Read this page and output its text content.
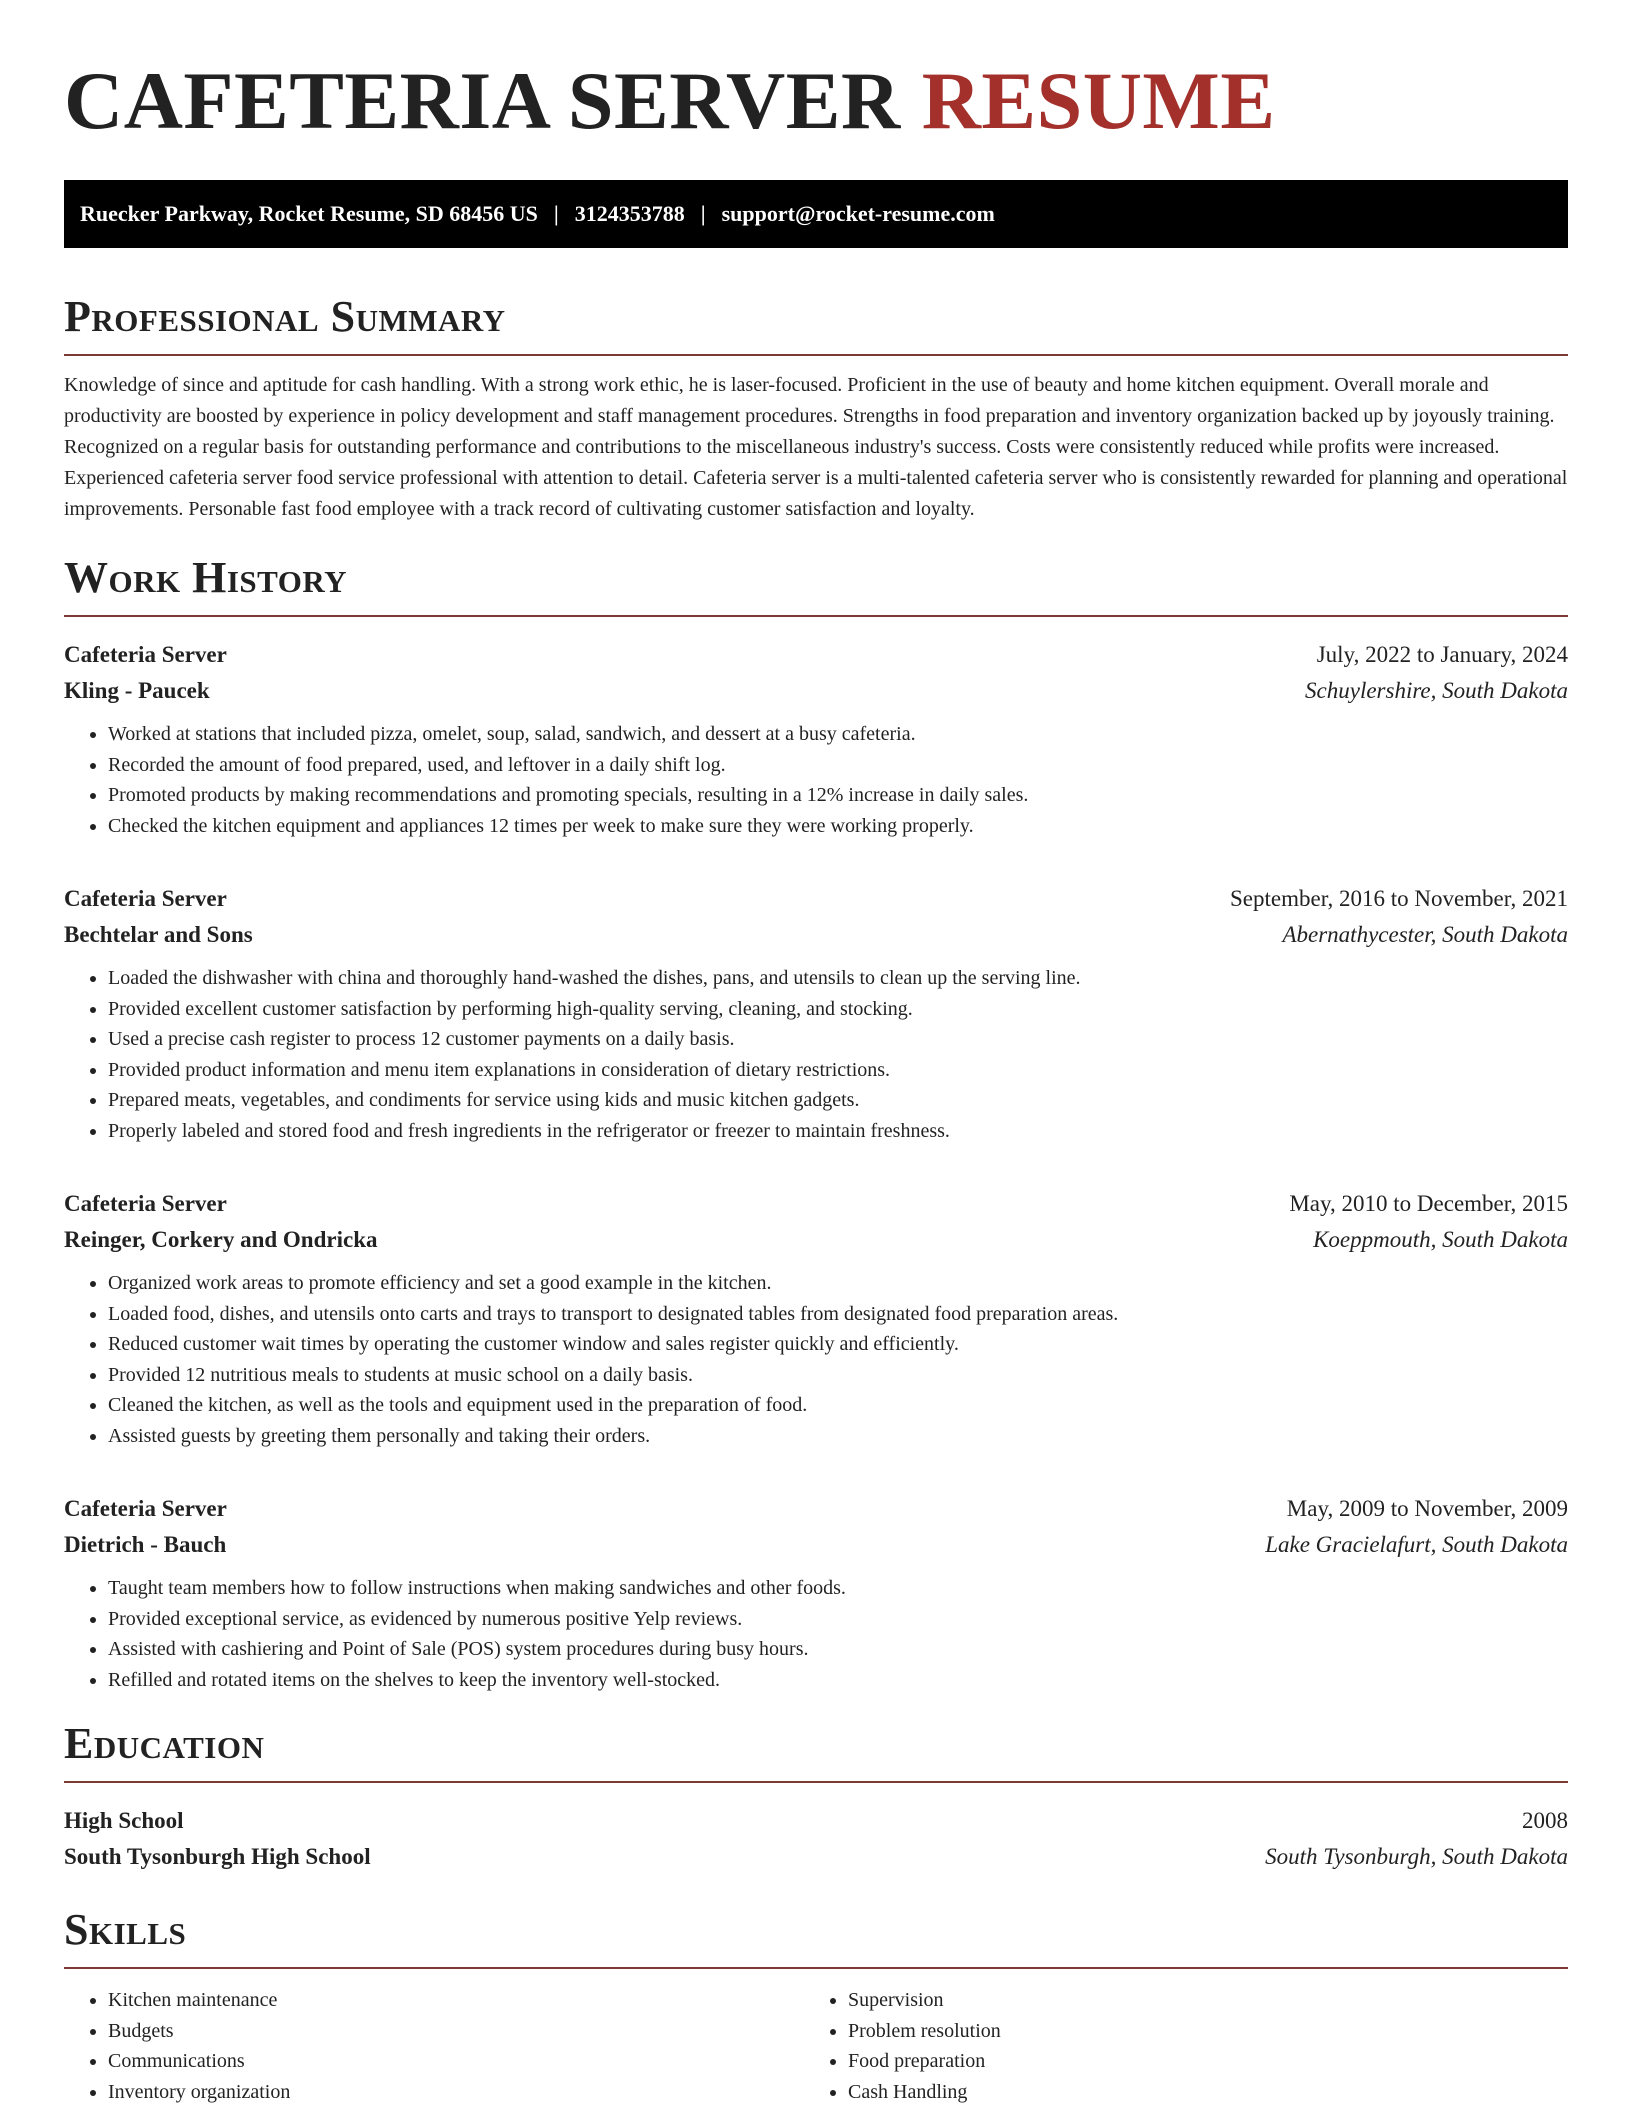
CAFETERIA SERVER RESUME
Ruecker Parkway, Rocket Resume, SD 68456 US | 3124353788 | support@rocket-resume.com
Professional Summary

Knowledge of since and aptitude for cash handling. With a strong work ethic, he is laser-focused. Proficient in the use of beauty and home kitchen equipment. Overall morale and productivity are boosted by experience in policy development and staff management procedures. Strengths in food preparation and inventory organization backed up by joyously training. Recognized on a regular basis for outstanding performance and contributions to the miscellaneous industry's success. Costs were consistently reduced while profits were increased. Experienced cafeteria server food service professional with attention to detail. Cafeteria server is a multi-talented cafeteria server who is consistently rewarded for planning and operational improvements. Personable fast food employee with a track record of cultivating customer satisfaction and loyalty.

Work History
Cafeteria Server	July, 2022 to January, 2024
Kling - Paucek	Schuylershire, South Dakota
• Worked at stations that included pizza, omelet, soup, salad, sandwich, and dessert at a busy cafeteria.
• Recorded the amount of food prepared, used, and leftover in a daily shift log.
• Promoted products by making recommendations and promoting specials, resulting in a 12% increase in daily sales.
• Checked the kitchen equipment and appliances 12 times per week to make sure they were working properly.
Cafeteria Server	September, 2016 to November, 2021
Bechtelar and Sons	Abernathycester, South Dakota
• Loaded the dishwasher with china and thoroughly hand-washed the dishes, pans, and utensils to clean up the serving line.
• Provided excellent customer satisfaction by performing high-quality serving, cleaning, and stocking.
• Used a precise cash register to process 12 customer payments on a daily basis.
• Provided product information and menu item explanations in consideration of dietary restrictions.
• Prepared meats, vegetables, and condiments for service using kids and music kitchen gadgets.
• Properly labeled and stored food and fresh ingredients in the refrigerator or freezer to maintain freshness.
Cafeteria Server	May, 2010 to December, 2015
Reinger, Corkery and Ondricka	Koeppmouth, South Dakota
• Organized work areas to promote efficiency and set a good example in the kitchen.
• Loaded food, dishes, and utensils onto carts and trays to transport to designated tables from designated food preparation areas.
• Reduced customer wait times by operating the customer window and sales register quickly and efficiently.
• Provided 12 nutritious meals to students at music school on a daily basis.
• Cleaned the kitchen, as well as the tools and equipment used in the preparation of food.
• Assisted guests by greeting them personally and taking their orders.
Cafeteria Server	May, 2009 to November, 2009
Dietrich - Bauch	Lake Gracielafurt, South Dakota
• Taught team members how to follow instructions when making sandwiches and other foods.
• Provided exceptional service, as evidenced by numerous positive Yelp reviews.
• Assisted with cashiering and Point of Sale (POS) system procedures during busy hours.
• Refilled and rotated items on the shelves to keep the inventory well-stocked.
Education
High School	2008
South Tysonburgh High School	South Tysonburgh, South Dakota
Skills
• Kitchen maintenance
• Budgets
• Communications
• Inventory organization
• Supervision
• Problem resolution
• Food preparation
• Cash Handling
